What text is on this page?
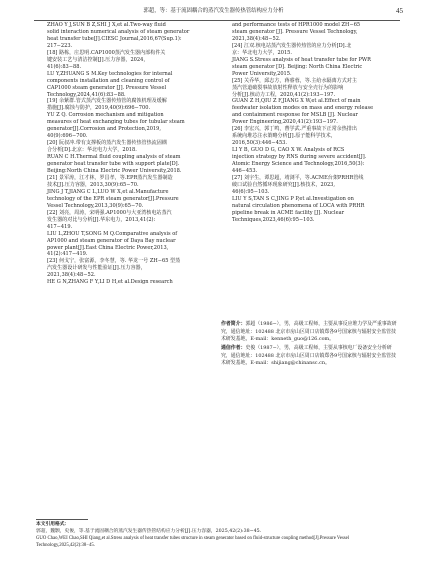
郭超，等：基于流固耦合的蒸汽发生器传热管结构应力分析	45
ZHAO Y J,SUN B Z,SHI J X,et al.Two-way fluid
solid interaction numerical analysis of steam generator
heat transfer tube[J].CIESC Journal,2016,67(Sup.1):
217−223.
[18] 路栋，庄思明.CAP1000蒸汽发生器内部构件关
键安装工艺与清洁控制[J].压力容器，2024，
41(6):83−88.
LU Y,ZHUANG S M.Key technologies for internal
components installation and cleaning control of
CAP1000 steam generator [J]. Pressure Vessel
Technology,2024,41(6):83−88.
[19] 余紫群.管式蒸汽发生器传热管的腐蚀机理及缓解
措施[J].腐蚀与防护，2019,40(9):696−700.
YU Z Q. Corrosion mechanism and mitigation
measures of heat exchanging tubes for tubular steam
generator[J].Corrosion and Protection,2019,
40(9):696−700.
[20] 阮叔冲.带有支撑板的蒸汽发生器传热管热流固耦
合分析[D].北京：华北电力大学，2018.
RUAN C H.Thermal fluid coupling analysis of steam
generator heat transfer tube with support plate[D].
Beijing:North China Electric Power University,2018.
[21] 景军涛，江才林，罗昌孝，等.EPR蒸汽发生器制造
技术[J].压力容器，2013,30(9):65−70.
JING J T,JIANG C L,LUO W X,et al.Manufacture
technology of the EPR steam generator[J].Pressure
Vessel Technology,2013,30(9):65−70.
[22] 刘亮，周涛，宋明强.AP1000与大亚湾核电站蒸汽
发生器的对比与分析[J].华东电力，2013,41(2):
417−419.
LIU L,ZHOU T,SONG M Q.Comparative analysis of
AP1000 and steam generator of Daya Bay nuclear
power plant[J].East China Electric Power,2013,
41(2):417−419.
[23] 何戈宁，张富源，李冬慧，等. 华龙一号 ZH−65 型蒸
汽发生器设计研发与性能验证[J].压力容器，
2021,38(4):48−52.
HE G N,ZHANG F Y,LI D H,et al.Design research
and performance tests of HPR1000 model ZH−65
steam generator [J]. Pressure Vessel Technology,
2021,38(4):48−52.
[24] 江双.核电站蒸汽发生器传热管的应力分析[D].北
京：华北电力大学，2015.
JIANG S.Stress analysis of heat transfer tube for PWR
steam generator [D]. Beijing: North China Electric
Power University,2015.
[25] 关乔华，邱志方，蒋睿蓉，等.主给水隔离方式对主
蒸汽管道破裂事故放射性释放与安全壳行为的影响
分析[J].核动力工程，2020,41(2):193−197.
GUAN Z H,QIU Z F,JIANG X W,et al.Effect of main
feedwater isolation modes on mass and energy release
and containment response for MSLB [J]. Nuclear
Power Engineering,2020,41(2):193−197.
[26] 李宏兴，郭丁鸣，曹学武.严重事故下正常余热排出
系统向堆芯注水策略分析[J].原子能科学技术，
2016,50(3):446−453.
LI Y B, GUO D G, CAO X W. Analysis of RCS
injection strategy by RNS during severe accident[J].
Atomic Energy Science and Technology,2016,50(3):
446−453.
[27] 刘宇生，谭思超，靖浏平，等.ACME台架PRHR管线
破口试验自然循环现象研究[J].核技术，2023,
46(6):95−103.
LIU Y S,TAN S C,JING P P,et al.Investigation on
natural circulation phenomena of LOCA with PRHR
pipeline break in ACME facility [J]. Nuclear
Techniques,2023,46(6):95−103.

作者简介：郭超（1986−），男，高级工程师，主要从事反应堆力学及严重事故研究，通信地址：102488 北京市房山区周口店镇郑各9号国家核与辐射安全监管技术研发基地，E-mail：kenneth_guo@126.com。

通信作者：史俊（1987−），男，高级工程师，主要从事核电厂设备安全分析研究，通信地址：102488 北京市房山区周口店镇郑各9号国家核与辐射安全监管技术研发基地，E-mail：shijiang@chinansc.cn。

本文引用格式：
郭超，魏颢，史俊，等.基于流固耦合的蒸汽发生器传热管结构应力分析[J].压力容器，2025,42(2):38−45.
GUO Chao,WEI Chao,SHI Qiang,et al.Stress analysis of heat transfer tubes structure in steam generator based on fluid-structure coupling method[J].Pressure Vessel Technology,2025,42(2):38−45.
